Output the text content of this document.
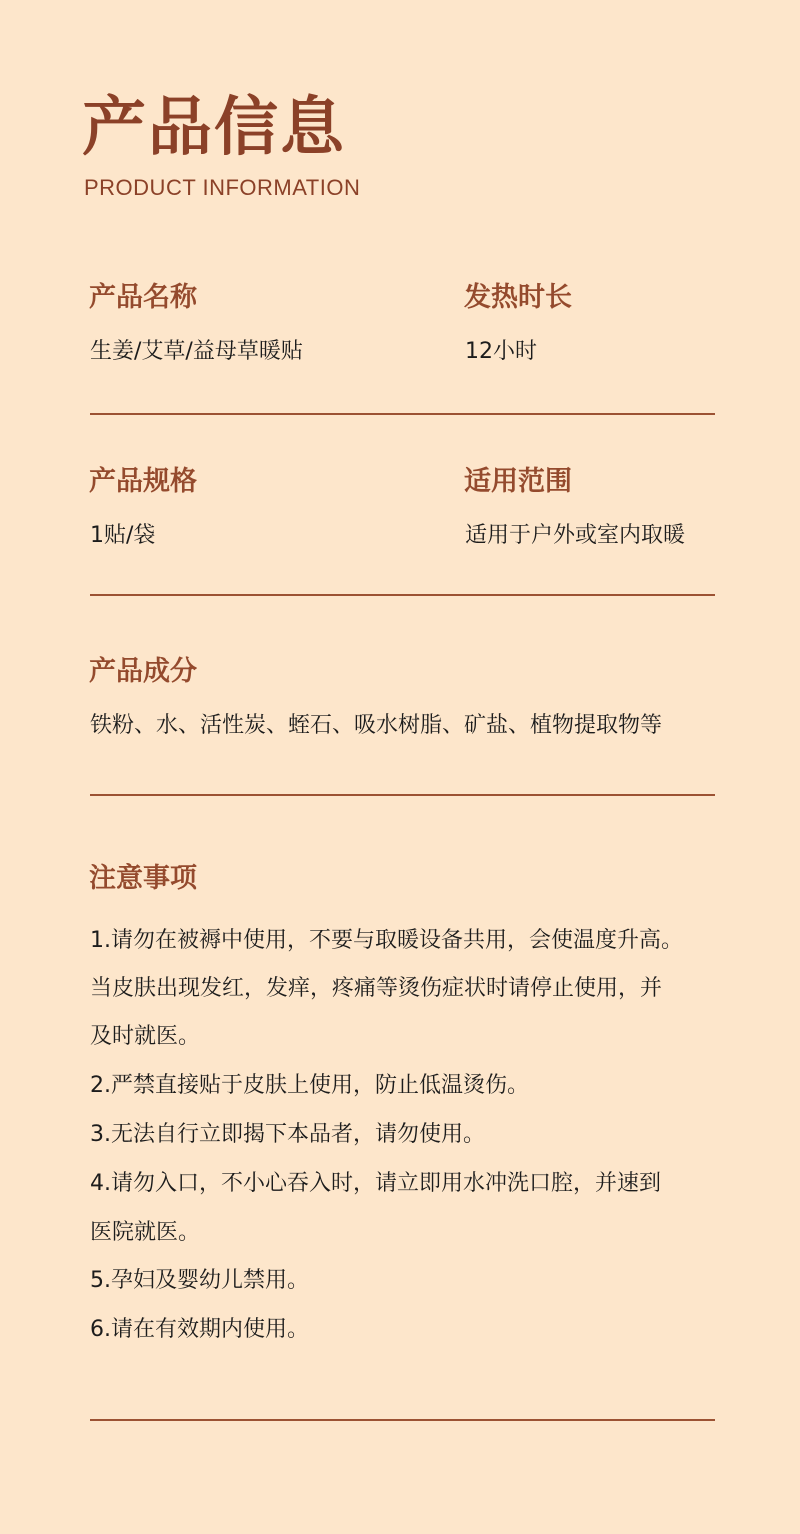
产品信息
PRODUCT INFORMATION
产品名称
生姜/艾草/益母草暖贴
发热时长
12小时
产品规格
1贴/袋
适用范围
适用于户外或室内取暖
产品成分
铁粉、水、活性炭、蛭石、吸水树脂、矿盐、植物提取物等
注意事项
1.请勿在被褥中使用，不要与取暖设备共用，会使温度升高。
当皮肤出现发红，发痒，疼痛等烫伤症状时请停止使用，并
及时就医。
2.严禁直接贴于皮肤上使用，防止低温烫伤。
3.无法自行立即揭下本品者，请勿使用。
4.请勿入口，不小心吞入时，请立即用水冲洗口腔，并速到
医院就医。
5.孕妇及婴幼儿禁用。
6.请在有效期内使用。
